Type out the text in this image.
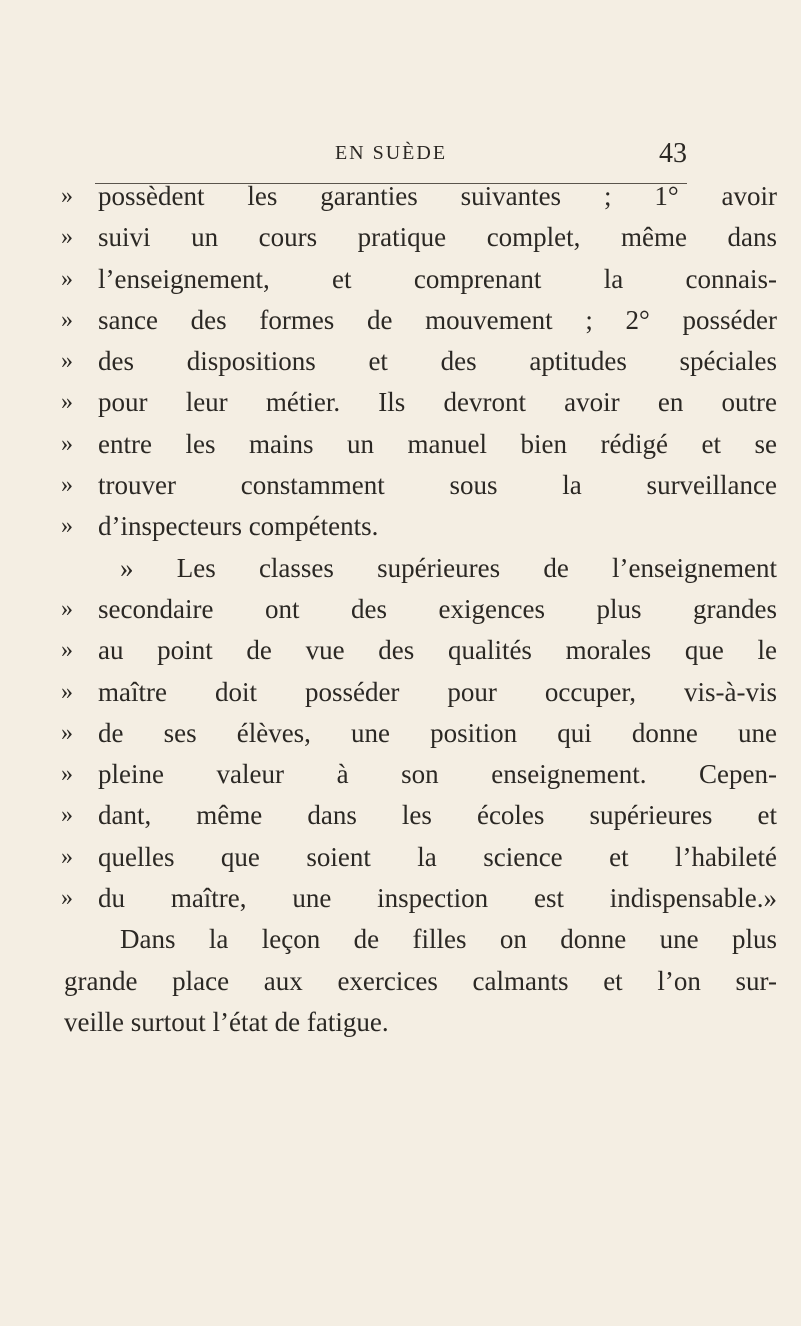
EN SUÈDE	43
» possèdent les garanties suivantes ; 1° avoir
» suivi un cours pratique complet, même dans
» l’enseignement, et comprenant la connais-
» sance des formes de mouvement ; 2° posséder
» des dispositions et des aptitudes spéciales
» pour leur métier. Ils devront avoir en outre
» entre les mains un manuel bien rédigé et se
» trouver constamment sous la surveillance
» d’inspecteurs compétents.
» Les classes supérieures de l’enseignement
» secondaire ont des exigences plus grandes
» au point de vue des qualités morales que le
» maître doit posséder pour occuper, vis-à-vis
» de ses élèves, une position qui donne une
» pleine valeur à son enseignement. Cepen-
» dant, même dans les écoles supérieures et
» quelles que soient la science et l’habileté
» du maître, une inspection est indispensable.»
Dans la leçon de filles on donne une plus
grande place aux exercices calmants et l’on sur-
veille surtout l’état de fatigue.
